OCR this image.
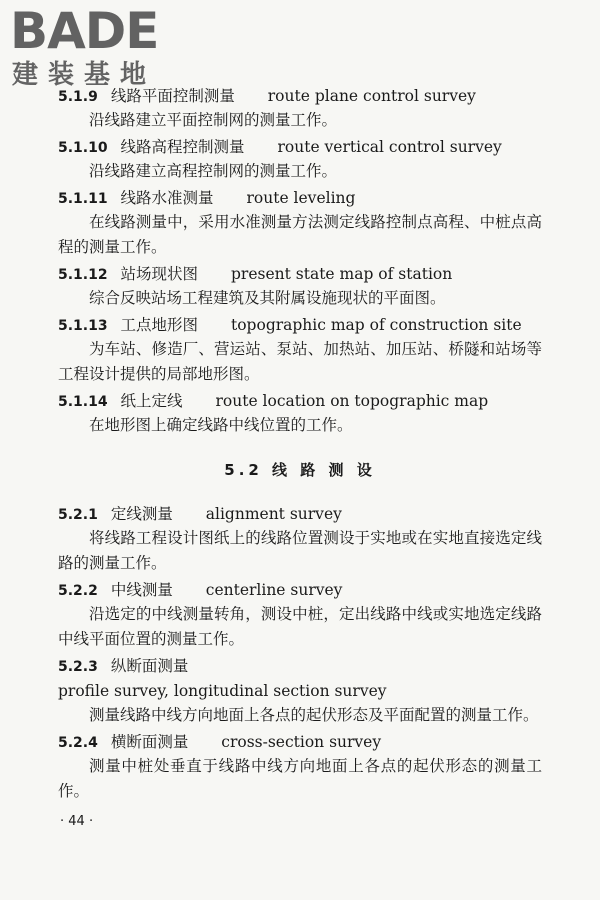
BADE
建装基地
5.1.9 线路平面控制测量 route plane control survey
沿线路建立平面控制网的测量工作。
5.1.10 线路高程控制测量 route vertical control survey
沿线路建立高程控制网的测量工作。
5.1.11 线路水准测量 route leveling
在线路测量中，采用水准测量方法测定线路控制点高程、中桩点高程的测量工作。
5.1.12 站场现状图 present state map of station
综合反映站场工程建筑及其附属设施现状的平面图。
5.1.13 工点地形图 topographic map of construction site
为车站、修造厂、营运站、泵站、加热站、加压站、桥隧和站场等工程设计提供的局部地形图。
5.1.14 纸上定线 route location on topographic map
在地形图上确定线路中线位置的工作。
5.2 线 路 测 设
5.2.1 定线测量 alignment survey
将线路工程设计图纸上的线路位置测设于实地或在实地直接选定线路的测量工作。
5.2.2 中线测量 centerline survey
沿选定的中线测量转角，测设中桩，定出线路中线或实地选定线路中线平面位置的测量工作。
5.2.3 纵断面测量 profile survey, longitudinal section survey
测量线路中线方向地面上各点的起伏形态及平面配置的测量工作。
5.2.4 横断面测量 cross-section survey
测量中桩处垂直于线路中线方向地面上各点的起伏形态的测量工作。
· 44 ·
